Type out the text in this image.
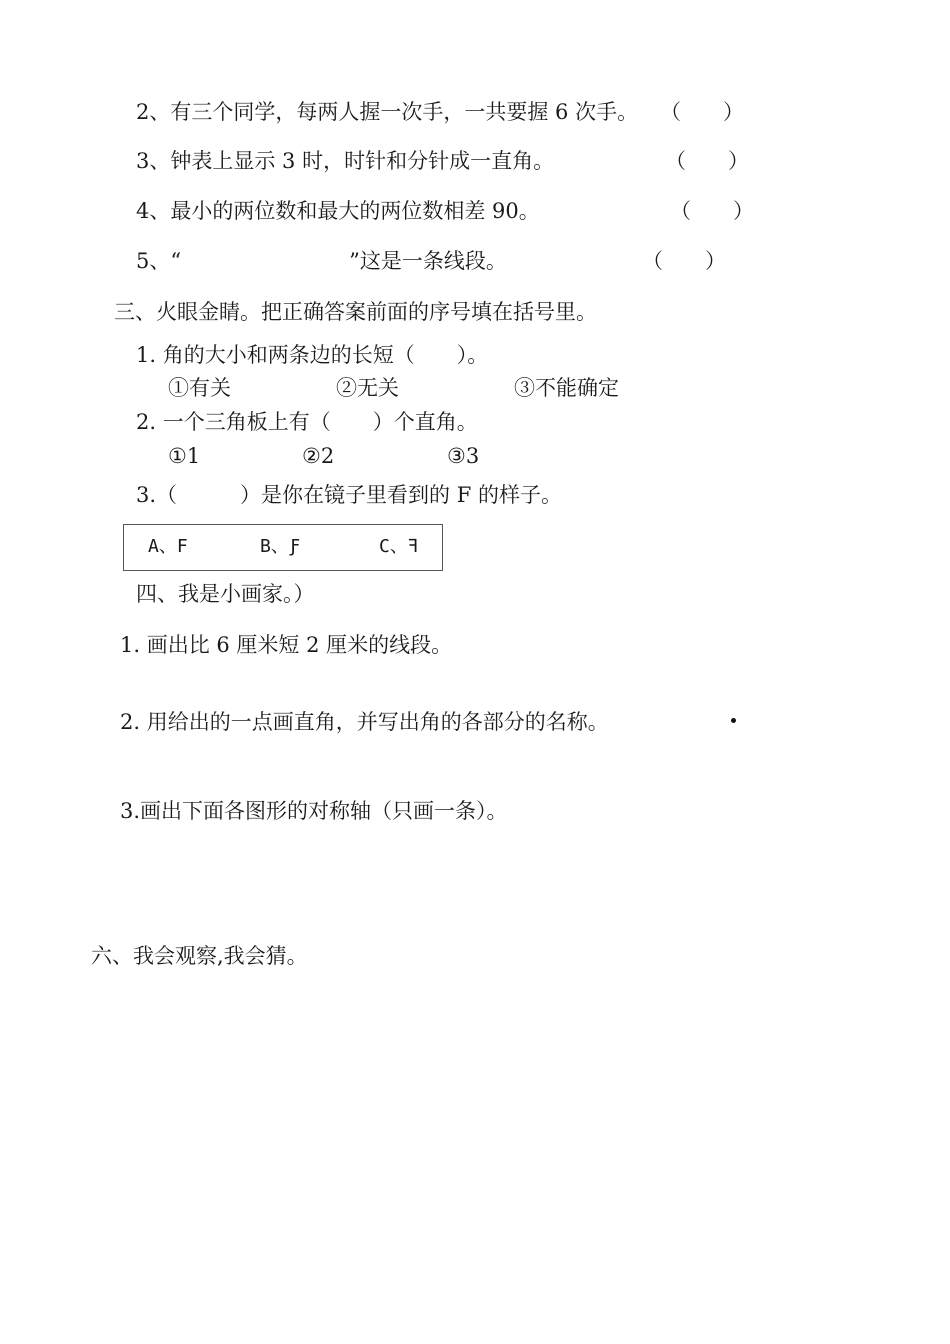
2、有三个同学，每两人握一次手，一共要握 6 次手。 （　　）
3、钟表上显示 3 时，时针和分针成一直角。	（　　）
4、最小的两位数和最大的两位数相差 90。	（　　）
5、“　　　　　　　　”这是一条线段。	（　　）
三、火眼金睛。把正确答案前面的序号填在括号里。
1. 角的大小和两条边的长短（　　）。
①有关	②无关	③不能确定
2. 一个三角板上有（　　）个直角。
①1	②2	③3
3.（　　　）是你在镜子里看到的 F 的样子。
A、F	B、Ƒ	C、ꟻ
四、我是小画家。）
1. 画出比 6 厘米短 2 厘米的线段。
2. 用给出的一点画直角，并写出角的各部分的名称。
3.画出下面各图形的对称轴（只画一条）。
六、我会观察,我会猜。
